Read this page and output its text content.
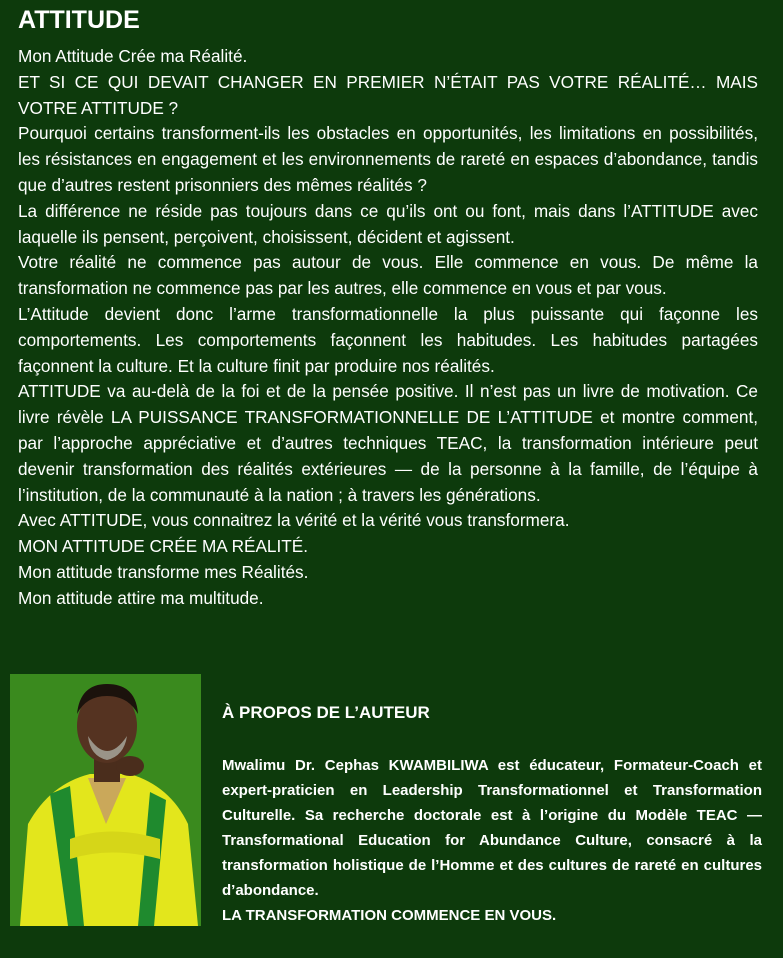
ATTITUDE

Mon Attitude Crée ma Réalité.

ET SI CE QUI DEVAIT CHANGER EN PREMIER N’ÉTAIT PAS VOTRE RÉALITÉ… MAIS VOTRE ATTITUDE ?

Pourquoi certains transforment-ils les obstacles en opportunités, les limitations en possibilités, les résistances en engagement et les environnements de rareté en espaces d’abondance, tandis que d’autres restent prisonniers des mêmes réalités ?

La différence ne réside pas toujours dans ce qu’ils ont ou font, mais dans l’ATTITUDE avec laquelle ils pensent, perçoivent, choisissent, décident et agissent.

Votre réalité ne commence pas autour de vous. Elle commence en vous. De même la transformation ne commence pas par les autres, elle commence en vous et par vous.

L’Attitude devient donc l’arme transformationnelle la plus puissante qui façonne les comportements. Les comportements façonnent les habitudes. Les habitudes partagées façonnent la culture. Et la culture finit par produire nos réalités.

ATTITUDE va au-delà de la foi et de la pensée positive. Il n’est pas un livre de motivation. Ce livre révèle LA PUISSANCE TRANSFORMATIONNELLE DE L’ATTITUDE et montre comment, par l’approche appréciative et d’autres techniques TEAC, la transformation intérieure peut devenir transformation des réalités extérieures — de la personne à la famille, de l’équipe à l’institution, de la communauté à la nation ; à travers les générations.

Avec ATTITUDE, vous connaitrez la vérité et la vérité vous transformera.

MON ATTITUDE CRÉE MA RÉALITÉ.

Mon attitude transforme mes Réalités.

Mon attitude attire ma multitude.

À PROPOS DE L’AUTEUR

Mwalimu Dr. Cephas KWAMBILIWA est éducateur, Formateur-Coach et expert-praticien en Leadership Transformationnel et Transformation Culturelle. Sa recherche doctorale est à l’origine du Modèle TEAC — Transformational Education for Abundance Culture, consacré à la transformation holistique de l’Homme et des cultures de rareté en cultures d’abondance.
LA TRANSFORMATION COMMENCE EN VOUS.
